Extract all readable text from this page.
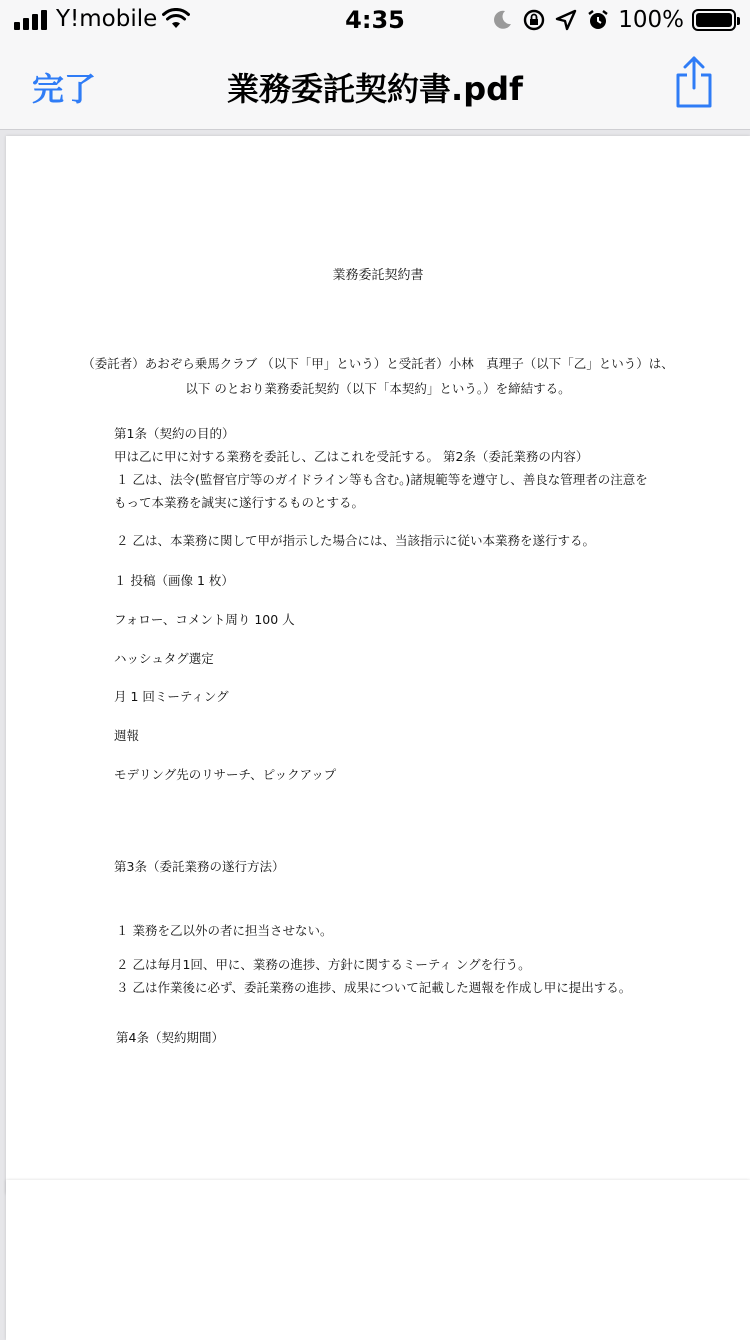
Y!mobile	4:35	100%
完了	業務委託契約書.pdf
業務委託契約書
（委託者）あおぞら乗馬クラブ （以下「甲」という）と受託者）小林　真理子（以下「乙」という）は、
以下 のとおり業務委託契約（以下「本契約」という。）を締結する。
第1条（契約の目的）
甲は乙に甲に対する業務を委託し、乙はこれを受託する。 第2条（委託業務の内容）
１ 乙は、法令(監督官庁等のガイドライン等も含む。)諸規範等を遵守し、善良な管理者の注意を
もって本業務を誠実に遂行するものとする。
２ 乙は、本業務に関して甲が指示した場合には、当該指示に従い本業務を遂行する。
１ 投稿（画像 1 枚）
フォロー、コメント周り 100 人
ハッシュタグ選定
月 1 回ミーティング
週報
モデリング先のリサーチ、ピックアップ
第3条（委託業務の遂行方法）
１ 業務を乙以外の者に担当させない。
２ 乙は毎月1回、甲に、業務の進捗、方針に関するミーティ ングを行う。
３ 乙は作業後に必ず、委託業務の進捗、成果について記載した週報を作成し甲に提出する。
第4条（契約期間）
